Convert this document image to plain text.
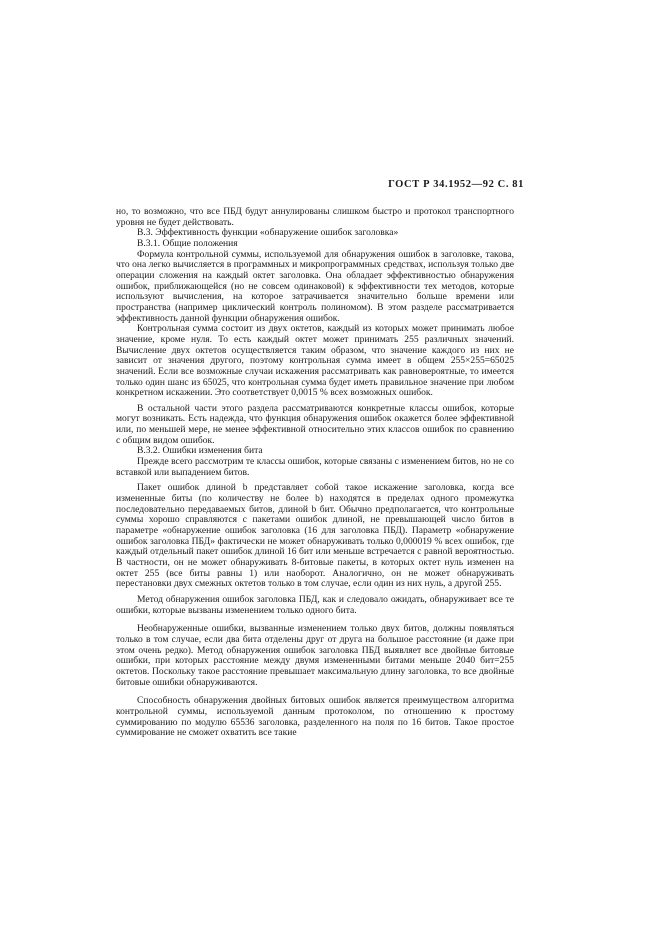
ГОСТ Р 34.1952—92 С. 81

но, то возможно, что все ПБД будут аннулированы слишком быстро и протокол транспортного уровня не будет действовать.

В.3. Эффективность функции «обнаружение ошибок заголовка»

В.3.1. Общие положения

Формула контрольной суммы, используемой для обнаружения ошибок в заголовке, такова, что она легко вычисляется в программных и микропрограммных средствах, используя только две операции сложения на каждый октет заголовка. Она обладает эффективностью обнаружения ошибок, приближающейся (но не совсем одинаковой) к эффективности тех методов, которые используют вычисления, на которое затрачивается значительно больше времени или пространства (например циклический контроль полиномом). В этом разделе рассматривается эффективность данной функции обнаружения ошибок.

Контрольная сумма состоит из двух октетов, каждый из которых может принимать любое значение, кроме нуля. То есть каждый октет может принимать 255 различных значений. Вычисление двух октетов осуществляется таким образом, что значение каждого из них не зависит от значения другого, поэтому контрольная сумма имеет в общем 255×255=65025 значений. Если все возможные случаи искажения рассматривать как равновероятные, то имеется только один шанс из 65025, что контрольная сумма будет иметь правильное значение при любом конкретном искажении. Это соответствует 0,0015 % всех возможных ошибок.

В остальной части этого раздела рассматриваются конкретные классы ошибок, которые могут возникать. Есть надежда, что функция обнаружения ошибок окажется более эффективной или, по меньшей мере, не менее эффективной относительно этих классов ошибок по сравнению с общим видом ошибок.

В.3.2. Ошибки изменения бита

Прежде всего рассмотрим те классы ошибок, которые связаны с изменением битов, но не со вставкой или выпадением битов.

Пакет ошибок длиной b представляет собой такое искажение заголовка, когда все измененные биты (по количеству не более b) находятся в пределах одного промежутка последовательно передаваемых битов, длиной b бит. Обычно предполагается, что контрольные суммы хорошо справляются с пакетами ошибок длиной, не превышающей число битов в параметре «обнаружение ошибок заголовка (16 для заголовка ПБД). Параметр «обнаружение ошибок заголовка ПБД» фактически не может обнаруживать только 0,000019 % всех ошибок, где каждый отдельный пакет ошибок длиной 16 бит или меньше встречается с равной вероятностью. В частности, он не может обнаруживать 8-битовые пакеты, в которых октет нуль изменен на октет 255 (все биты равны 1) или наоборот. Аналогично, он не может обнаруживать перестановки двух смежных октетов только в том случае, если один из них нуль, а другой 255.

Метод обнаружения ошибок заголовка ПБД, как и следовало ожидать, обнаруживает все те ошибки, которые вызваны изменением только одного бита.

Необнаруженные ошибки, вызванные изменением только двух битов, должны появляться только в том случае, если два бита отделены друг от друга на большое расстояние (и даже при этом очень редко). Метод обнаружения ошибок заголовка ПБД выявляет все двойные битовые ошибки, при которых расстояние между двумя измененными битами меньше 2040 бит=255 октетов. Поскольку такое расстояние превышает максимальную длину заголовка, то все двойные битовые ошибки обнаруживаются.

Способность обнаружения двойных битовых ошибок является преимуществом алгоритма контрольной суммы, используемой данным протоколом, по отношению к простому суммированию по модулю 65536 заголовка, разделенного на поля по 16 битов. Такое простое суммирование не сможет охватить все такие
